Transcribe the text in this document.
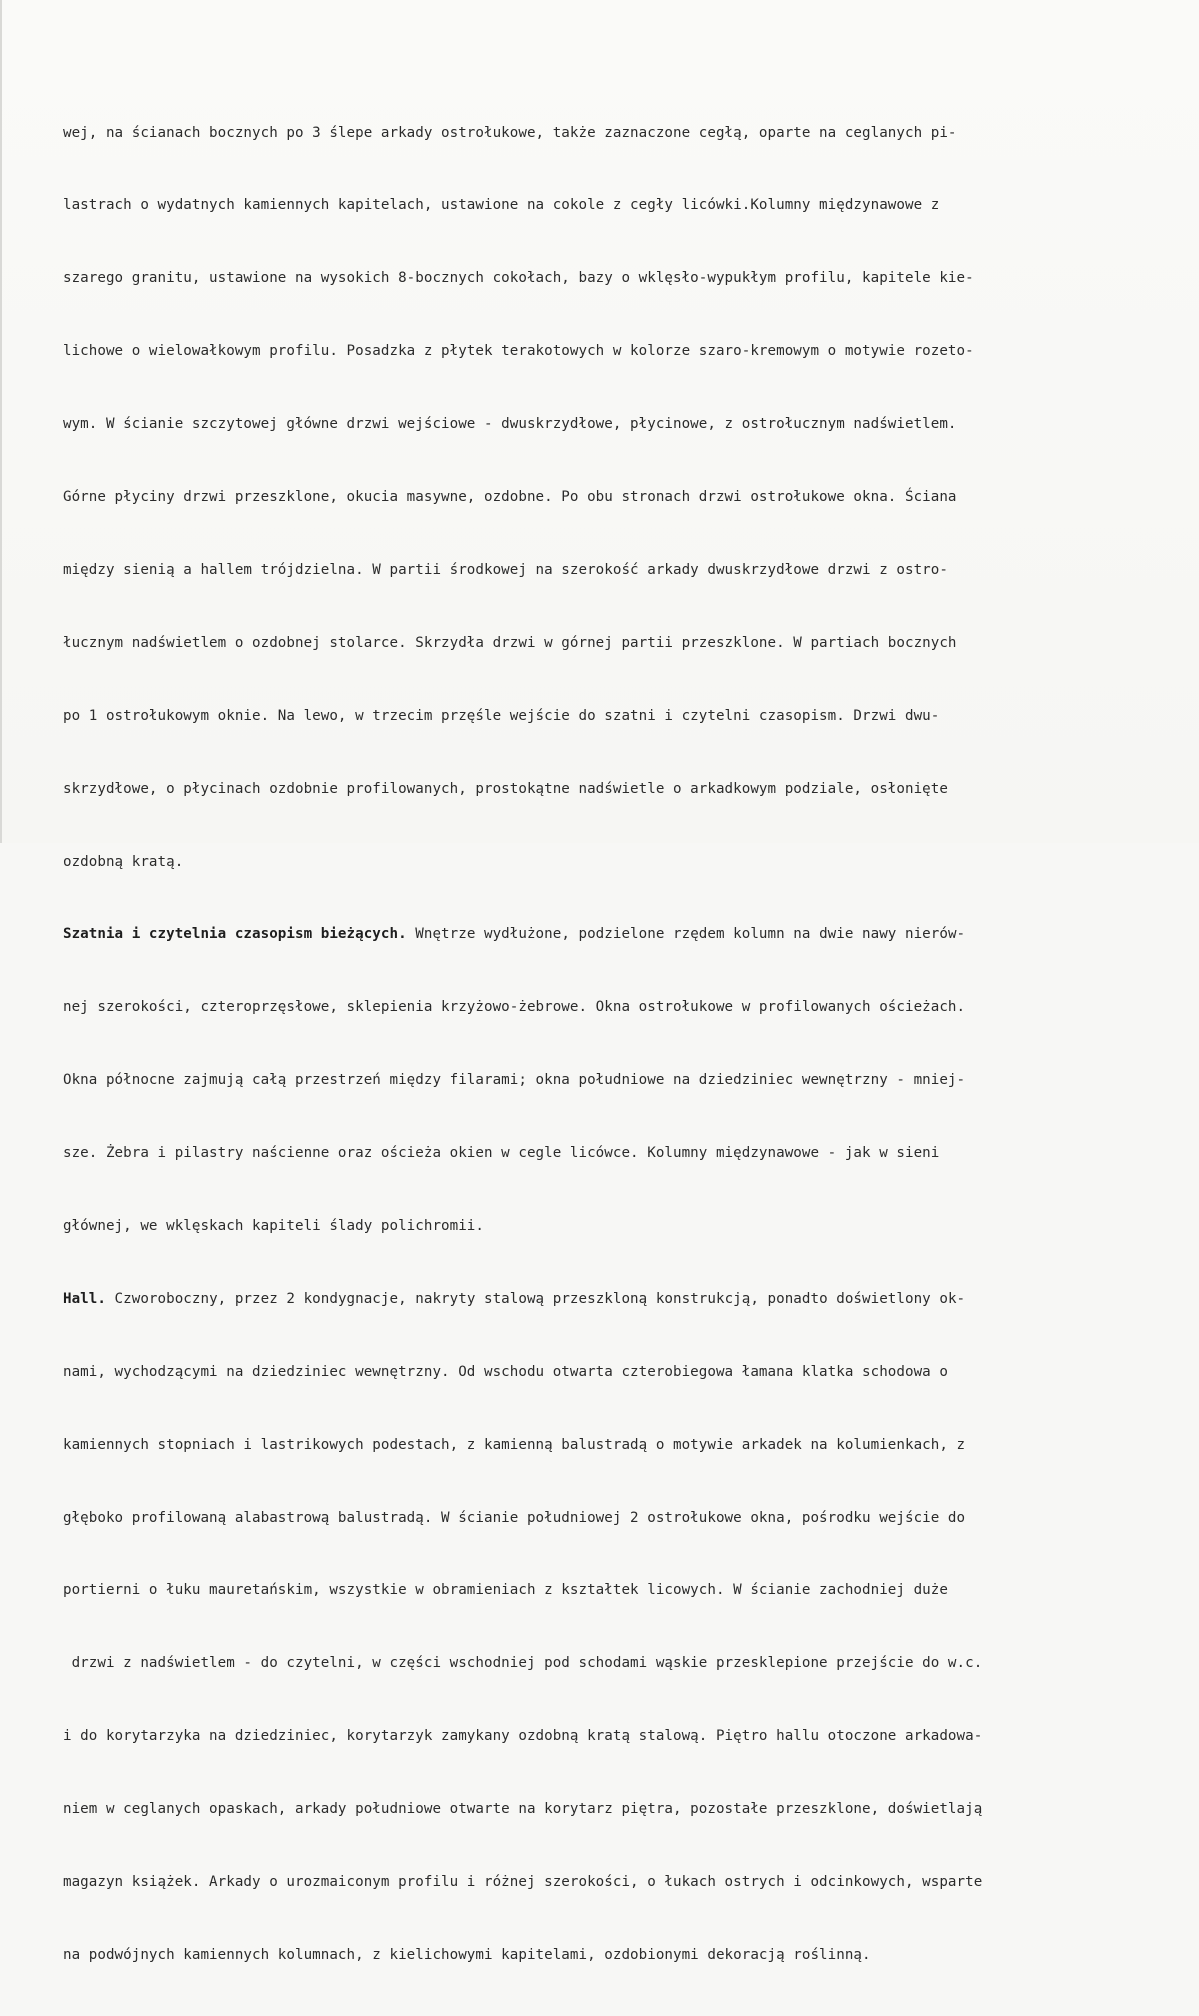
wej, na ścianach bocznych po 3 ślepe arkady ostrołukowe, także zaznaczone cegłą, oparte na ceglanych pi-

lastrach o wydatnych kamiennych kapitelach, ustawione na cokole z cegły licówki.Kolumny międzynawowe z

szarego granitu, ustawione na wysokich 8-bocznych cokołach, bazy o wklęsło-wypukłym profilu, kapitele kie-

lichowe o wielowałkowym profilu. Posadzka z płytek terakotowych w kolorze szaro-kremowym o motywie rozeto-

wym. W ścianie szczytowej główne drzwi wejściowe - dwuskrzydłowe, płycinowe, z ostrołucznym nadświetlem.

Górne płyciny drzwi przeszklone, okucia masywne, ozdobne. Po obu stronach drzwi ostrołukowe okna. Ściana

między sienią a hallem trójdzielna. W partii środkowej na szerokość arkady dwuskrzydłowe drzwi z ostro-

łucznym nadświetlem o ozdobnej stolarce. Skrzydła drzwi w górnej partii przeszklone. W partiach bocznych

po 1 ostrołukowym oknie. Na lewo, w trzecim przęśle wejście do szatni i czytelni czasopism. Drzwi dwu-

skrzydłowe, o płycinach ozdobnie profilowanych, prostokątne nadświetle o arkadkowym podziale, osłonięte

ozdobną kratą.

Szatnia i czytelnia czasopism bieżących. Wnętrze wydłużone, podzielone rzędem kolumn na dwie nawy nierów-

nej szerokości, czteroprzęsłowe, sklepienia krzyżowo-żebrowe. Okna ostrołukowe w profilowanych ościeżach.

Okna północne zajmują całą przestrzeń między filarami; okna południowe na dziedziniec wewnętrzny - mniej-

sze. Żebra i pilastry naścienne oraz ościeża okien w cegle licówce. Kolumny międzynawowe - jak w sieni

głównej, we wklęskach kapiteli ślady polichromii.

Hall. Czworoboczny, przez 2 kondygnacje, nakryty stalową przeszkloną konstrukcją, ponadto doświetlony ok-

nami, wychodzącymi na dziedziniec wewnętrzny. Od wschodu otwarta czterobiegowa łamana klatka schodowa o

kamiennych stopniach i lastrikowych podestach, z kamienną balustradą o motywie arkadek na kolumienkach, z

głęboko profilowaną alabastrową balustradą. W ścianie południowej 2 ostrołukowe okna, pośrodku wejście do

portierni o łuku mauretańskim, wszystkie w obramieniach z kształtek licowych. W ścianie zachodniej duże

drzwi z nadświetlem - do czytelni, w części wschodniej pod schodami wąskie przesklepione przejście do w.c.

i do korytarzyka na dziedziniec, korytarzyk zamykany ozdobną kratą stalową. Piętro hallu otoczone arkadowa-

niem w ceglanych opaskach, arkady południowe otwarte na korytarz piętra, pozostałe przeszklone, doświetlają

magazyn książek. Arkady o urozmaiconym profilu i różnej szerokości, o łukach ostrych i odcinkowych, wsparte

na podwójnych kamiennych kolumnach, z kielichowymi kapitelami, ozdobionymi dekoracją roślinną.
